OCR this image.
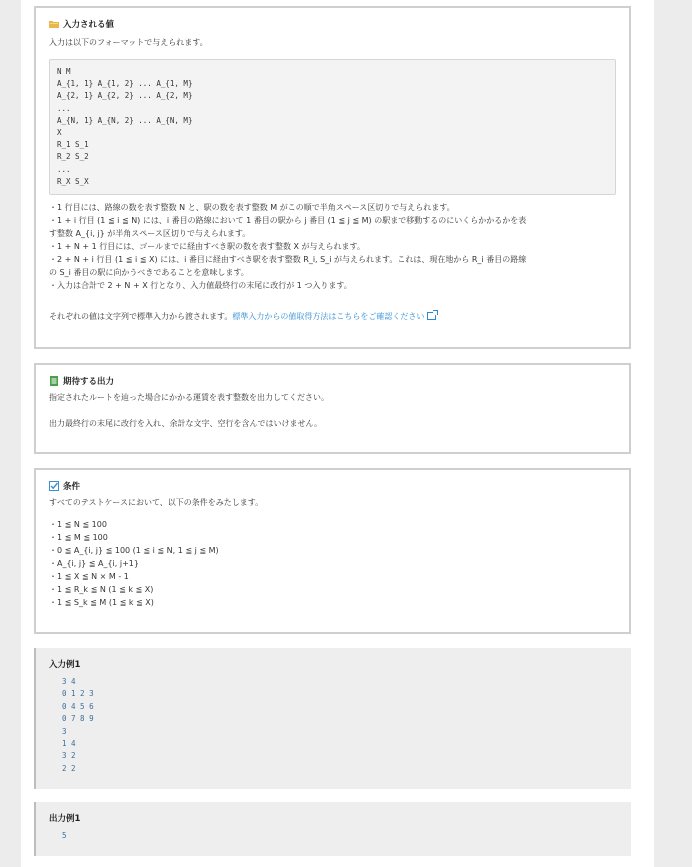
入力される値
入力は以下のフォーマットで与えられます。
N M
A_{1, 1} A_{1, 2} ... A_{1, M}
A_{2, 1} A_{2, 2} ... A_{2, M}
...
A_{N, 1} A_{N, 2} ... A_{N, M}
X
R_1 S_1
R_2 S_2
...
R_X S_X
・1 行目には、路線の数を表す整数 N と、駅の数を表す整数 M がこの順で半角スペース区切りで与えられます。
・1 + i 行目 (1 ≦ i ≦ N) には、i 番目の路線において 1 番目の駅から j 番目 (1 ≦ j ≦ M) の駅まで移動するのにいくらかかるかを表
す整数 A_{i, j} が半角スペース区切りで与えられます。
・1 + N + 1 行目には、ゴールまでに経由すべき駅の数を表す整数 X が与えられます。
・2 + N + i 行目 (1 ≦ i ≦ X) には、i 番目に経由すべき駅を表す整数 R_i, S_i が与えられます。これは、現在地から R_i 番目の路線
の S_i 番目の駅に向かうべきであることを意味します。
・入力は合計で 2 + N + X 行となり、入力値最終行の末尾に改行が 1 つ入ります。
それぞれの値は文字列で標準入力から渡されます。標準入力からの値取得方法はこちらをご確認ください
期待する出力
指定されたルートを辿った場合にかかる運賃を表す整数を出力してください。
出力最終行の末尾に改行を入れ、余計な文字、空行を含んではいけません。
条件
すべてのテストケースにおいて、以下の条件をみたします。
・1 ≦ N ≦ 100
・1 ≦ M ≦ 100
・0 ≦ A_{i, j} ≦ 100 (1 ≦ i ≦ N, 1 ≦ j ≦ M)
・A_{i, j} ≦ A_{i, j+1}
・1 ≦ X ≦ N × M - 1
・1 ≦ R_k ≦ N (1 ≦ k ≦ X)
・1 ≦ S_k ≦ M (1 ≦ k ≦ X)
入力例1
3 4
0 1 2 3
0 4 5 6
0 7 8 9
3
1 4
3 2
2 2
出力例1
5
